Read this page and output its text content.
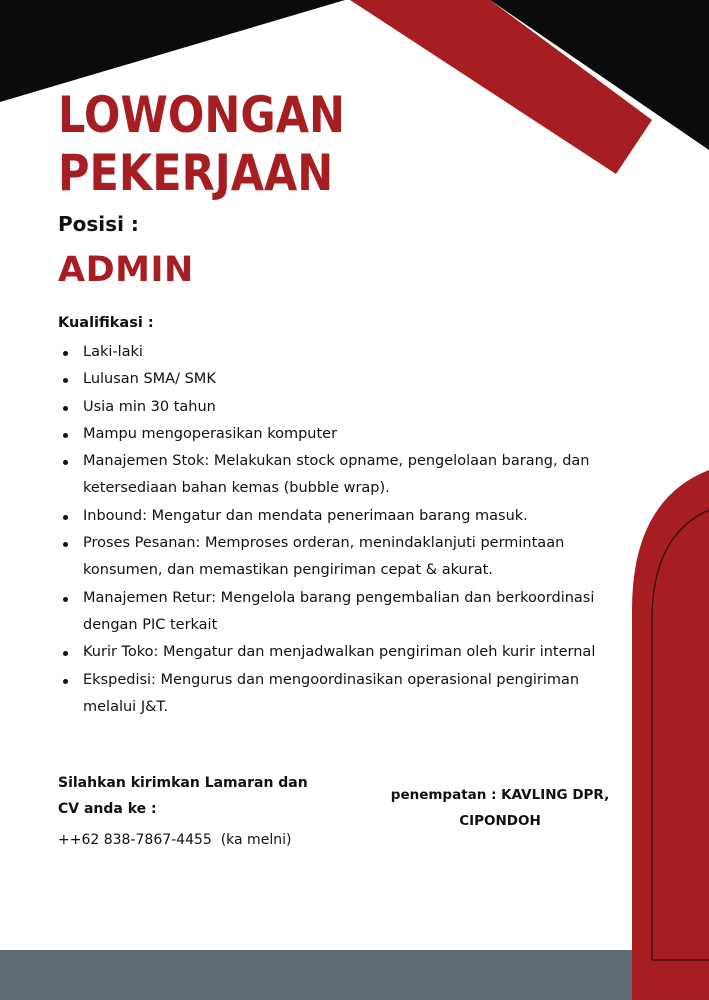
LOWONGAN
PEKERJAAN

Posisi :

ADMIN

Kualifikasi :

Laki-laki
Lulusan SMA/ SMK
Usia min 30 tahun
Mampu mengoperasikan komputer
Manajemen Stok: Melakukan stock opname, pengelolaan barang, dan ketersediaan bahan kemas (bubble wrap).
Inbound: Mengatur dan mendata penerimaan barang masuk.
Proses Pesanan: Memproses orderan, menindaklanjuti permintaan konsumen, dan memastikan pengiriman cepat & akurat.
Manajemen Retur: Mengelola barang pengembalian dan berkoordinasi dengan PIC terkait
Kurir Toko: Mengatur dan menjadwalkan pengiriman oleh kurir internal
Ekspedisi: Mengurus dan mengoordinasikan operasional pengiriman melalui J&T.

Silahkan kirimkan Lamaran dan CV anda ke :

++62 838-7867-4455  (ka melni)

penempatan : KAVLING DPR, CIPONDOH
